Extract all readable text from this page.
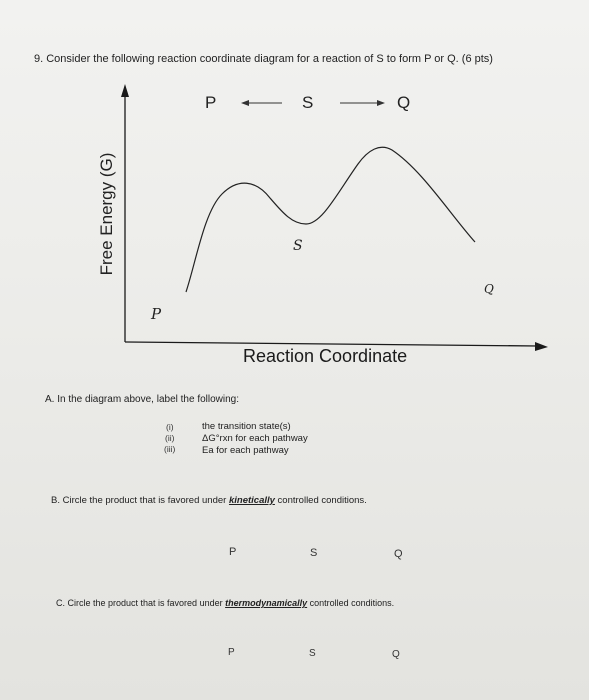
9. Consider the following reaction coordinate diagram for a reaction of S to form P or Q. (6 pts)
P	S	Q
Free Energy (G)
Reaction Coordinate
P
S
Q
A. In the diagram above, label the following:
(i)	the transition state(s)
(ii)	ΔG°rxn for each pathway
(iii)	Ea for each pathway
B. Circle the product that is favored under kinetically controlled conditions.
P	S	Q
C. Circle the product that is favored under thermodynamically controlled conditions.
P	S	Q
